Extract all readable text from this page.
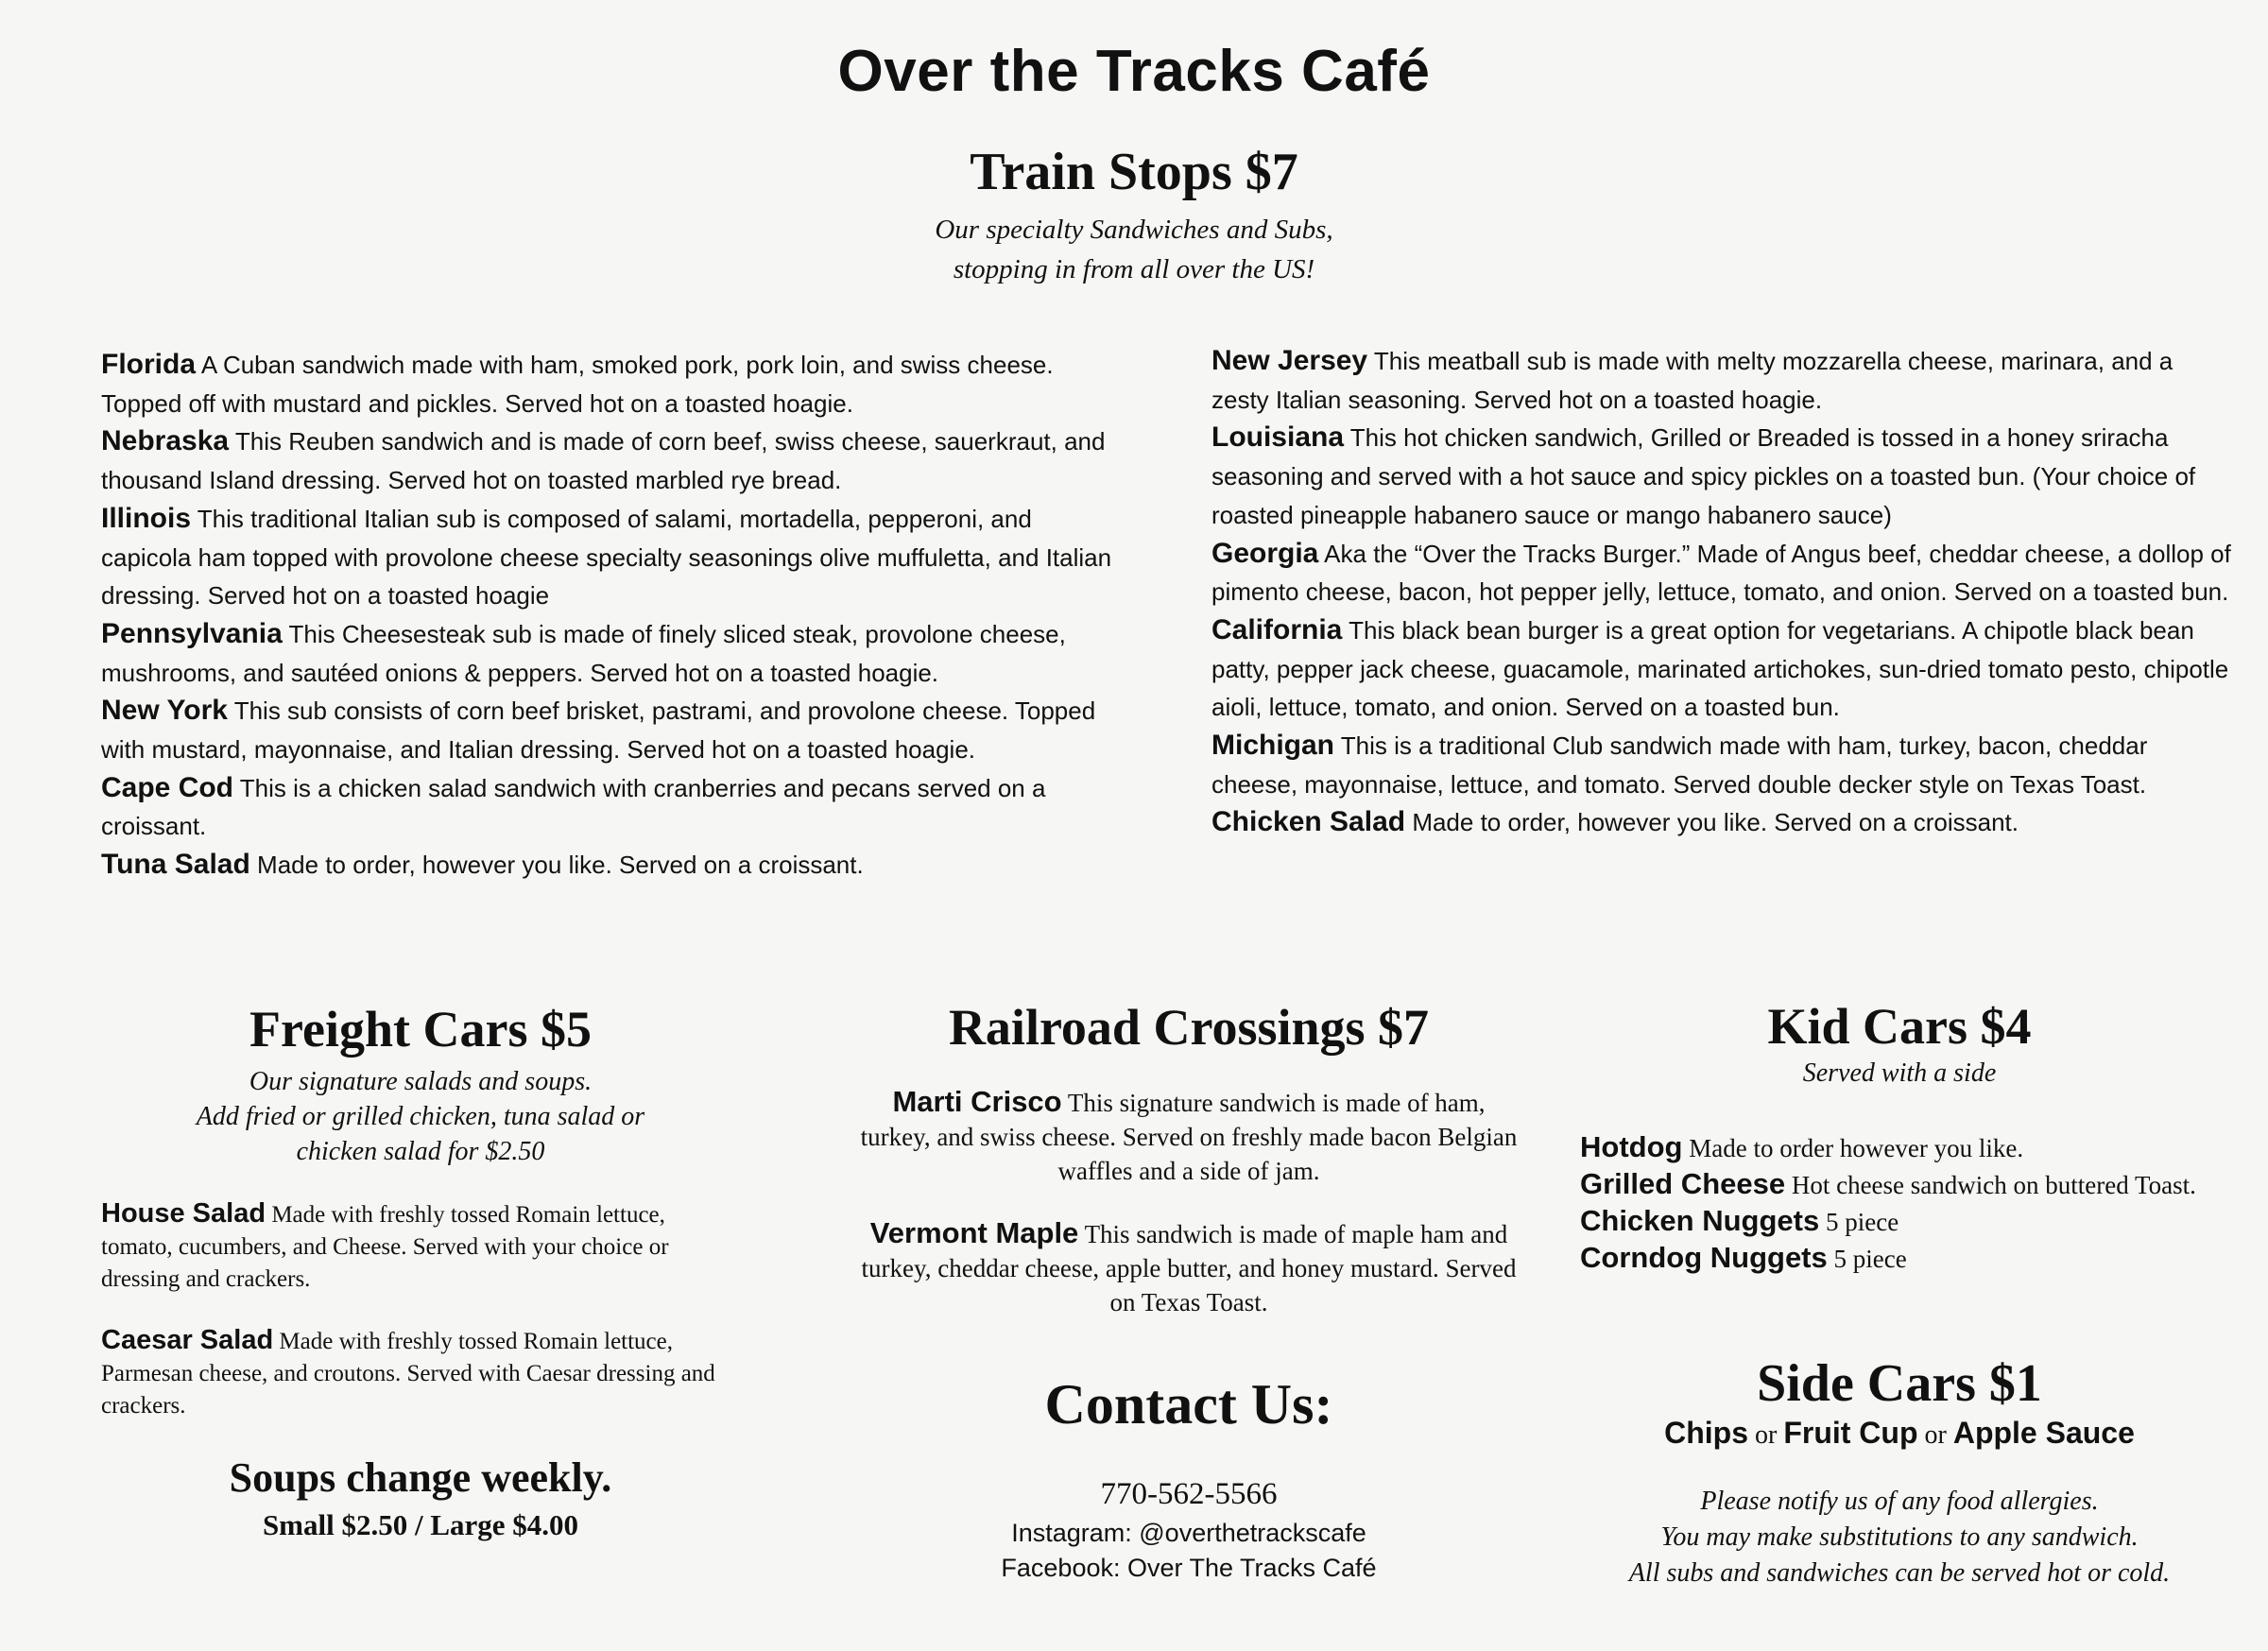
Over the Tracks Café
Train Stops $7
Our specialty Sandwiches and Subs,
stopping in from all over the US!

Florida A Cuban sandwich made with ham, smoked pork, pork loin, and swiss cheese. Topped off with mustard and pickles. Served hot on a toasted hoagie.

Nebraska This Reuben sandwich and is made of corn beef, swiss cheese, sauerkraut, and thousand Island dressing. Served hot on toasted marbled rye bread.

Illinois This traditional Italian sub is composed of salami, mortadella, pepperoni, and capicola ham topped with provolone cheese specialty seasonings olive muffuletta, and Italian dressing. Served hot on a toasted hoagie

Pennsylvania This Cheesesteak sub is made of finely sliced steak, provolone cheese, mushrooms, and sautéed onions & peppers. Served hot on a toasted hoagie.

New York This sub consists of corn beef brisket, pastrami, and provolone cheese. Topped with mustard, mayonnaise, and Italian dressing. Served hot on a toasted hoagie.

Cape Cod This is a chicken salad sandwich with cranberries and pecans served on a croissant.

Tuna Salad Made to order, however you like. Served on a croissant.

New Jersey This meatball sub is made with melty mozzarella cheese, marinara, and a zesty Italian seasoning. Served hot on a toasted hoagie.

Louisiana This hot chicken sandwich, Grilled or Breaded is tossed in a honey sriracha seasoning and served with a hot sauce and spicy pickles on a toasted bun. (Your choice of roasted pineapple habanero sauce or mango habanero sauce)

Georgia Aka the “Over the Tracks Burger.” Made of Angus beef, cheddar cheese, a dollop of pimento cheese, bacon, hot pepper jelly, lettuce, tomato, and onion. Served on a toasted bun.

California This black bean burger is a great option for vegetarians. A chipotle black bean patty, pepper jack cheese, guacamole, marinated artichokes, sun-dried tomato pesto, chipotle aioli, lettuce, tomato, and onion. Served on a toasted bun.

Michigan This is a traditional Club sandwich made with ham, turkey, bacon, cheddar cheese, mayonnaise, lettuce, and tomato. Served double decker style on Texas Toast.

Chicken Salad Made to order, however you like. Served on a croissant.

Freight Cars $5
Our signature salads and soups.
Add fried or grilled chicken, tuna salad or chicken salad for $2.50

House Salad Made with freshly tossed Romain lettuce, tomato, cucumbers, and Cheese. Served with your choice or dressing and crackers.

Caesar Salad Made with freshly tossed Romain lettuce, Parmesan cheese, and croutons. Served with Caesar dressing and crackers.

Soups change weekly.
Small $2.50 / Large $4.00
Railroad Crossings $7

Marti Crisco This signature sandwich is made of ham, turkey, and swiss cheese. Served on freshly made bacon Belgian waffles and a side of jam.

Vermont Maple This sandwich is made of maple ham and turkey, cheddar cheese, apple butter, and honey mustard. Served on Texas Toast.

Contact Us:
770-562-5566
Instagram: @overthetrackscafe
Facebook: Over The Tracks Café
Kid Cars $4
Served with a side

Hotdog Made to order however you like.

Grilled Cheese Hot cheese sandwich on buttered Toast.

Chicken Nuggets 5 piece

Corndog Nuggets 5 piece

Side Cars $1
Chips or Fruit Cup or Apple Sauce
Please notify us of any food allergies.
You may make substitutions to any sandwich.
All subs and sandwiches can be served hot or cold.
